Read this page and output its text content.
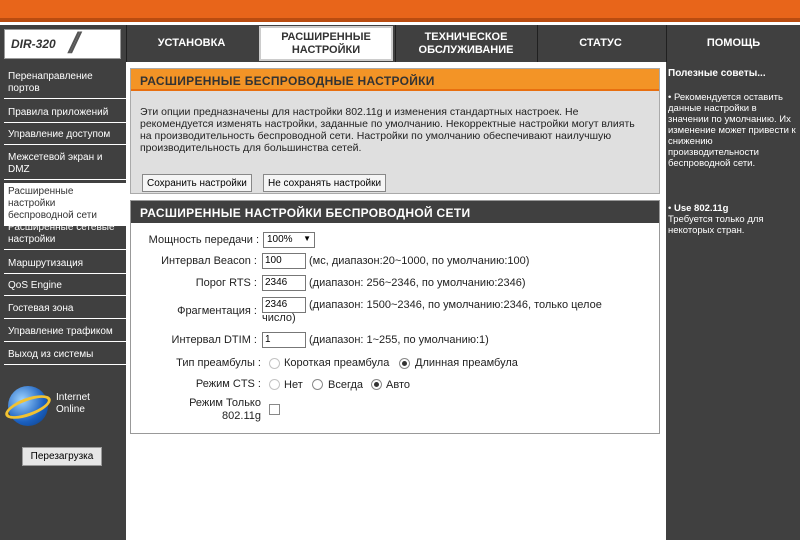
DIR-320 //	УСТАНОВКА
РАСШИРЕННЫЕ НАСТРОЙКИ
ТЕХНИЧЕСКОЕ ОБСЛУЖИВАНИЕ
СТАТУС	ПОМОЩЬ
Перенаправление портов
Правила приложений
Управление доступом
Межсетевой экран и DMZ
Расширенные настройки беспроводной сети
Расширенные сетевые настройки
Маршрутизация
QoS Engine
Гостевая зона
Управление трафиком
Выход из системы
Internet
Online
Перезагрузка
РАСШИРЕННЫЕ БЕСПРОВОДНЫЕ НАСТРОЙКИ
Эти опции предназначены для настройки 802.11g и изменения стандартных настроек. Не рекомендуется изменять настройки, заданные по умолчанию. Некорректные настройки могут влиять на производительность беспроводной сети. Настройки по умолчанию обеспечивают наилучшую производительность для большинства сетей.
Сохранить настройки	Не сохранять настройки
РАСШИРЕННЫЕ НАСТРОЙКИ БЕСПРОВОДНОЙ СЕТИ
Мощность передачи : 100% ▼
Интервал Beacon : 100	(мс, диапазон:20~1000, по умолчанию:100)
Порог RTS : 2346	(диапазон: 256~2346, по умолчанию:2346)
Фрагментация :
2346	(диапазон: 1500~2346, по умолчанию:2346, только целое число)
Интервал DTIM : 1	(диапазон: 1~255, по умолчанию:1)
Тип преамбулы : Короткая преамбула Длинная преамбула
Режим CTS : Нет Всегда Авто
Режим Только 802.11g
Полезные советы...
• Рекомендуется оставить данные настройки в значении по умолчанию. Их изменение может привести к снижению производительности беспроводной сети.
• Use 802.11g
Требуется только для некоторых стран.
